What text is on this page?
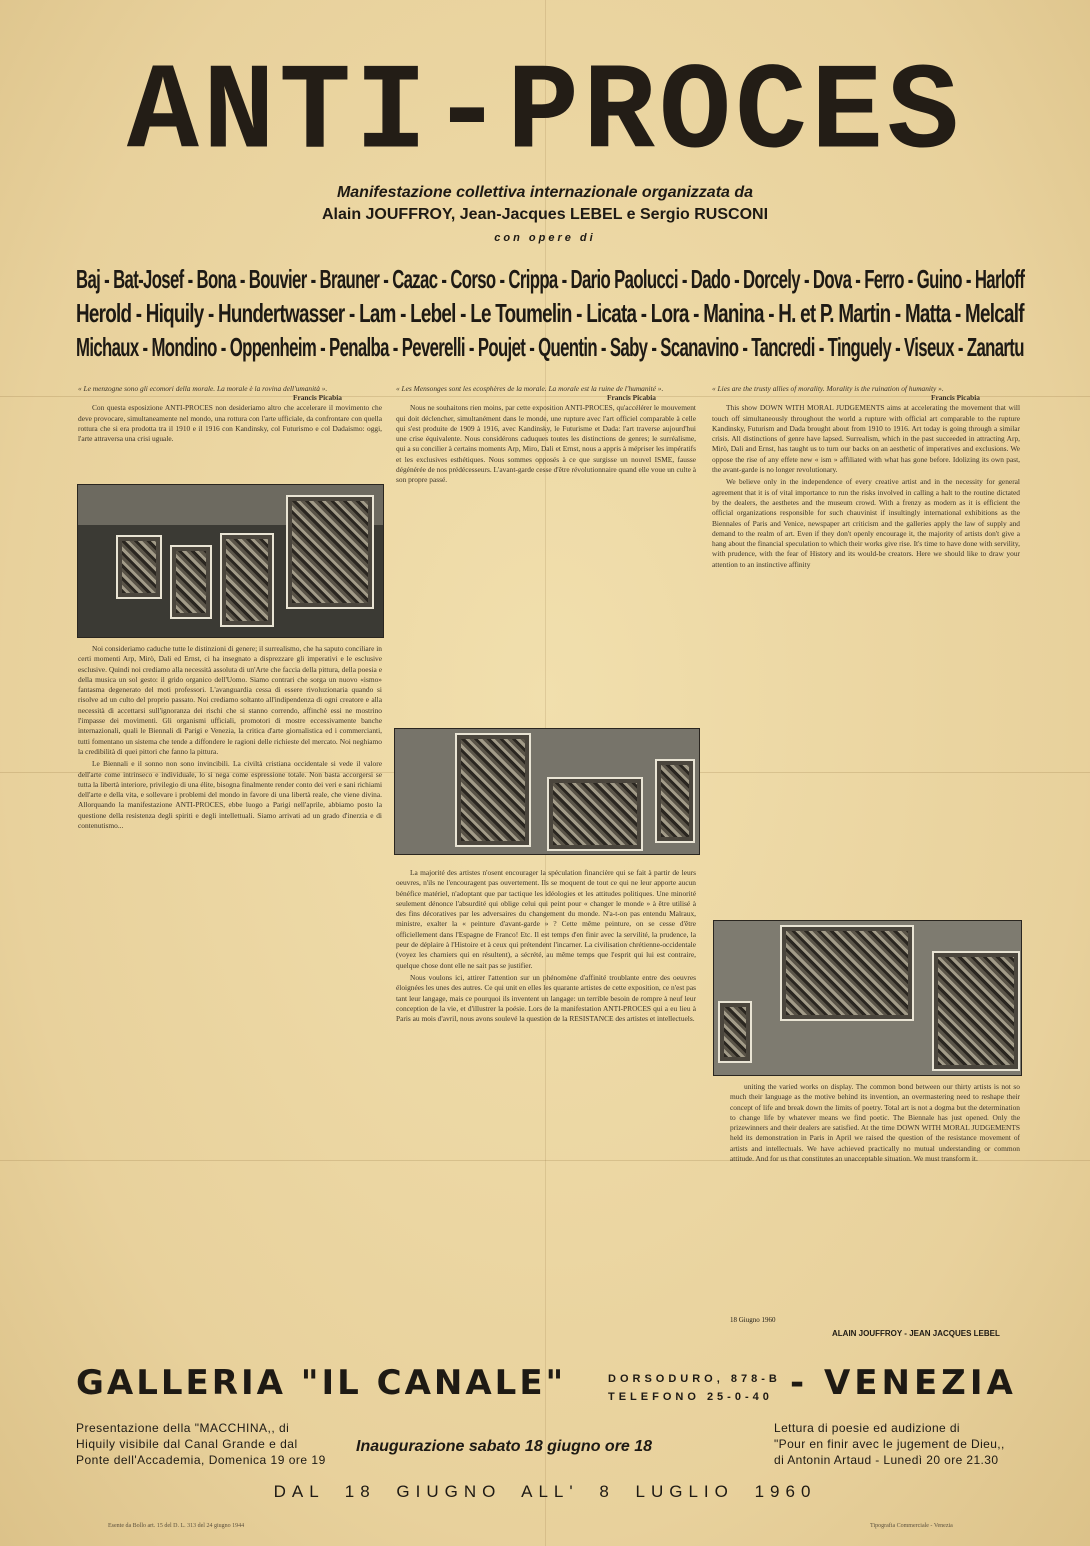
ANTI-PROCES
Manifestazione collettiva internazionale organizzata da
Alain JOUFFROY, Jean-Jacques LEBEL e Sergio RUSCONI
con opere di
Baj - Bat-Josef - Bona - Bouvier - Brauner - Cazac - Corso - Crippa - Dario Paolucci - Dado - Dorcely - Dova - Ferro - Guino - Harloff
Herold - Hiquily - Hundertwasser - Lam - Lebel - Le Toumelin - Licata - Lora - Manina - H. et P. Martin - Matta - Melcalf
Michaux - Mondino - Oppenheim - Penalba - Peverelli - Poujet - Quentin - Saby - Scanavino - Tancredi - Tinguely - Viseux - Zanartu
« Le menzogne sono gli ecomori della morale. La morale è la rovina dell'umanità ».
Francis Picabia

Con questa esposizione ANTI-PROCES non desideriamo altro che accelerare il movimento che deve provocare, simultaneamente nel mondo, una rottura con l'arte ufficiale, da confrontare con quella rottura che si era prodotta tra il 1910 e il 1916 con Kandinsky, col Futurismo e col Dadaismo: oggi, l'arte attraversa una crisi uguale.

Noi consideriamo caduche tutte le distinzioni di genere; il surrealismo, che ha saputo conciliare in certi momenti Arp, Mirò, Dali ed Ernst, ci ha insegnato a disprezzare gli imperativi e le esclusive esclusive. Quindi noi crediamo alla necessità assoluta di un'Arte che faccia della pittura, della poesia e della musica un sol gesto: il grido organico dell'Uomo. Siamo contrari che sorga un nuovo «ismo» fantasma degenerato del moti professori. L'avanguardia cessa di essere rivoluzionaria quando si risolve ad un culto del proprio passato. Noi crediamo soltanto all'indipendenza di ogni creatore e alla necessità di accettarsi sull'ignoranza dei rischi che si stanno correndo, affinchè essi ne mostrino l'impasse dei movimenti. Gli organismi ufficiali, promotori di mostre eccessivamente banche internazionali, quali le Biennali di Parigi e Venezia, la critica d'arte giornalistica ed i commercianti, tutti fomentano un sistema che tende a diffondere le ragioni delle richieste del mercato. Noi neghiamo la credibilità di quei pittori che fanno la pittura.

Le Biennali e il sonno non sono invincibili. La civiltà cristiana occidentale si vede il valore dell'arte come intrinseco e individuale, lo si nega come espressione totale. Non basta accorgersi se tutta la libertà interiore, privilegio di una élite, bisogna finalmente render conto dei veri e sani richiami dell'arte e della vita, e sollevare i problemi del mondo in favore di una libertà reale, che viene divina. Allorquando la manifestazione ANTI-PROCES, ebbe luogo a Parigi nell'aprile, abbiamo posto la questione della resistenza degli spiriti e degli intellettuali. Siamo arrivati ad un grado d'inerzia e di contenutismo...

« Les Mensonges sont les ecosphères de la morale. La morale est la ruine de l'humanité ».
Francis Picabia

Nous ne souhaitons rien moins, par cette exposition ANTI-PROCES, qu'accélérer le mouvement qui doit déclencher, simultanément dans le monde, une rupture avec l'art officiel comparable à celle qui s'est produite de 1909 à 1916, avec Kandinsky, le Futurisme et Dada: l'art traverse aujourd'hui une crise équivalente. Nous considérons caduques toutes les distinctions de genres; le surréalisme, qui a su concilier à certains moments Arp, Miro, Dali et Ernst, nous a appris à mépriser les impératifs et les exclusives esthétiques. Nous sommes opposés à ce que surgisse un nouvel ISME, fausse dégénérée de nos prédécesseurs. L'avant-garde cesse d'être révolutionnaire quand elle voue un culte à son propre passé.

La majorité des artistes n'osent encourager la spéculation financière qui se fait à partir de leurs oeuvres, n'ils ne l'encouragent pas ouvertement. Ils se moquent de tout ce qui ne leur apporte aucun bénéfice matériel, n'adoptant que par tactique les idéologies et les attitudes politiques. Une minorité seulement dénonce l'absurdité qui oblige celui qui peint pour « changer le monde » à être utilisé à des fins décoratives par les adversaires du changement du monde. N'a-t-on pas entendu Malraux, ministre, exalter la « peinture d'avant-garde » ? Cette même peinture, on se cesse d'être officiellement dans l'Espagne de Franco! Etc. Il est temps d'en finir avec la servilité, la prudence, la peur de déplaire à l'Histoire et à ceux qui prétendent l'incarner. La civilisation chrétienne-occidentale (voyez les charniers qui en résultent), a sécrété, au même temps que l'esprit qui lui est contraire, quelque chose dont elle ne sait pas se justifier.

Nous voulons ici, attirer l'attention sur un phénomène d'affinité troublante entre des oeuvres éloignées les unes des autres. Ce qui unit en elles les quarante artistes de cette exposition, ce n'est pas tant leur langage, mais ce pourquoi ils inventent un langage: un terrible besoin de rompre à neuf leur conception de la vie, et d'illustrer la poésie. Lors de la manifestation ANTI-PROCES qui a eu lieu à Paris au mois d'avril, nous avons soulevé la question de la RESISTANCE des artistes et intellectuels.

« Lies are the trusty allies of morality. Morality is the ruination of humanity ».
Francis Picabia

This show DOWN WITH MORAL JUDGEMENTS aims at accelerating the movement that will touch off simultaneously throughout the world a rupture with official art comparable to the rupture Kandinsky, Futurism and Dada brought about from 1910 to 1916. Art today is going through a similar crisis. All distinctions of genre have lapsed. Surrealism, which in the past succeeded in attracting Arp, Mirò, Dali and Ernst, has taught us to turn our backs on an aesthetic of imperatives and exclusions. We oppose the rise of any effete new « ism » affiliated with what has gone before. Idolizing its own past, the avant-garde is no longer revolutionary.

We believe only in the independence of every creative artist and in the necessity for general agreement that it is of vital importance to run the risks involved in calling a halt to the routine dictated by the dealers, the aesthetes and the museum crowd. With a frenzy as modern as it is efficient the official organizations responsible for such chauvinist if insultingly international exhibitions as the Biennales of Paris and Venice, newspaper art criticism and the galleries apply the law of supply and demand to the realm of art. Even if they don't openly encourage it, the majority of artists don't give a hang about the financial speculation to which their works give rise. It's time to have done with servility, with prudence, with the fear of History and its would-be creators. Here we should like to draw your attention to an instinctive affinity

uniting the varied works on display. The common bond between our thirty artists is not so much their language as the motive behind its invention, an overmastering need to reshape their concept of life and break down the limits of poetry. Total art is not a dogma but the determination to change life by whatever means we find poetic. The Biennale has just opened. Only the prizewinners and their dealers are satisfied. At the time DOWN WITH MORAL JUDGEMENTS held its demonstration in Paris in April we raised the question of the resistance movement of artists and intellectuals. We have achieved practically no mutual understanding or common attitude. And for us that constitutes an unacceptable situation. We must transform it.

18 Giugno 1960
ALAIN JOUFFROY - JEAN JACQUES LEBEL
GALLERIA "IL CANALE"	DORSODURO, 878-B
TELEFONO 25-0-40 - VENEZIA
Presentazione della "MACCHINA,, di
Hiquily visibile dal Canal Grande e dal
Ponte dell'Accademia, Domenica 19 ore 19
Inaugurazione sabato 18 giugno ore 18
Lettura di poesie ed audizione di
"Pour en finir avec le jugement de Dieu,,
di Antonin Artaud - Lunedì 20 ore 21.30
DAL 18 GIUGNO ALL' 8 LUGLIO 1960
Esente da Bollo art. 15 del D. L. 313 del 24 giugno 1944	Tipografia Commerciale - Venezia
